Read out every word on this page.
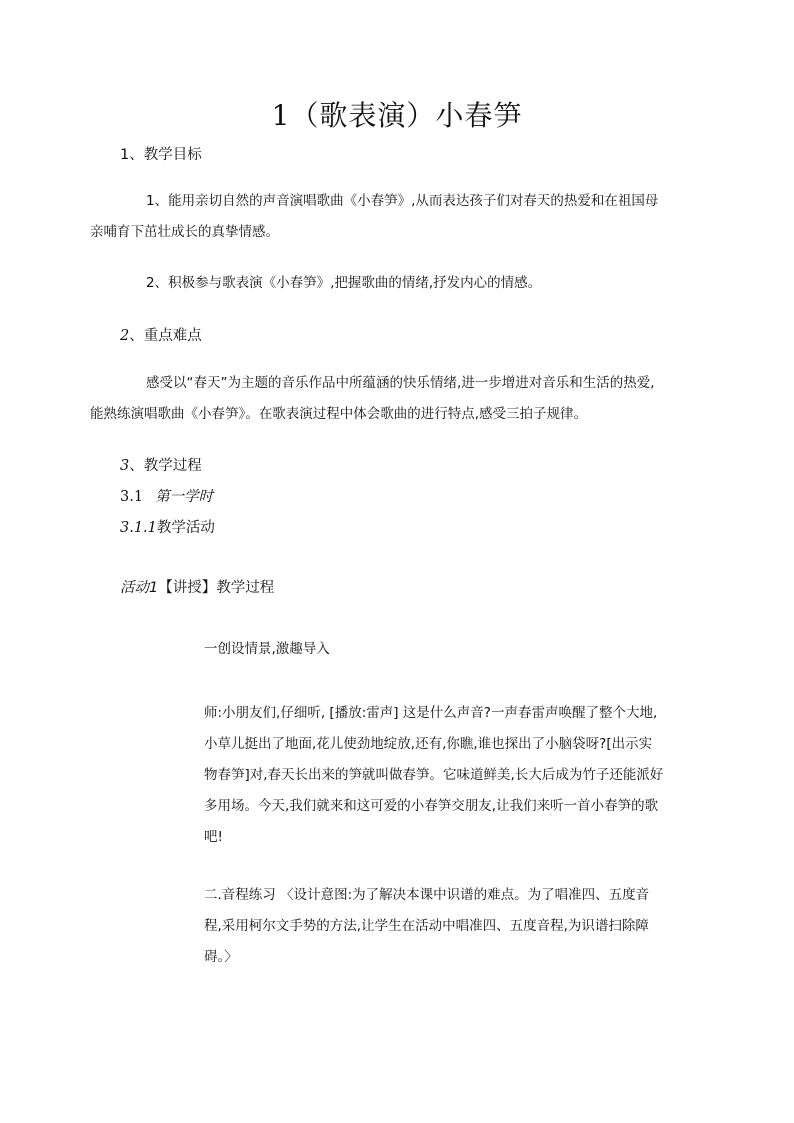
1（歌表演）小春笋
1、教学目标
1、能用亲切自然的声音演唱歌曲《小春笋》,从而表达孩子们对春天的热爱和在祖国母
亲哺育下茁壮成长的真挚情感。
2、积极参与歌表演《小春笋》,把握歌曲的情绪,抒发内心的情感。
2、重点难点
感受以“春天”为主题的音乐作品中所蕴涵的快乐情绪,进一步增进对音乐和生活的热爱,
能熟练演唱歌曲《小春笋》。在歌表演过程中体会歌曲的进行特点,感受三拍子规律。
3、教学过程
3.1 第一学时
3.1.1教学活动
活动1【讲授】教学过程
一创设情景,激趣导入
师:小朋友们,仔细听, [播放:雷声] 这是什么声音?一声春雷声唤醒了整个大地,
小草儿挺出了地面,花儿使劲地绽放,还有,你瞧,谁也探出了小脑袋呀?[出示实
物春笋]对,春天长出来的笋就叫做春笋。它味道鲜美,长大后成为竹子还能派好
多用场。今天,我们就来和这可爱的小春笋交朋友,让我们来听一首小春笋的歌
吧!
二.音程练习 〈设计意图:为了解决本课中识谱的难点。为了唱准四、五度音
程,采用柯尔文手势的方法,让学生在活动中唱准四、五度音程,为识谱扫除障
碍。〉
